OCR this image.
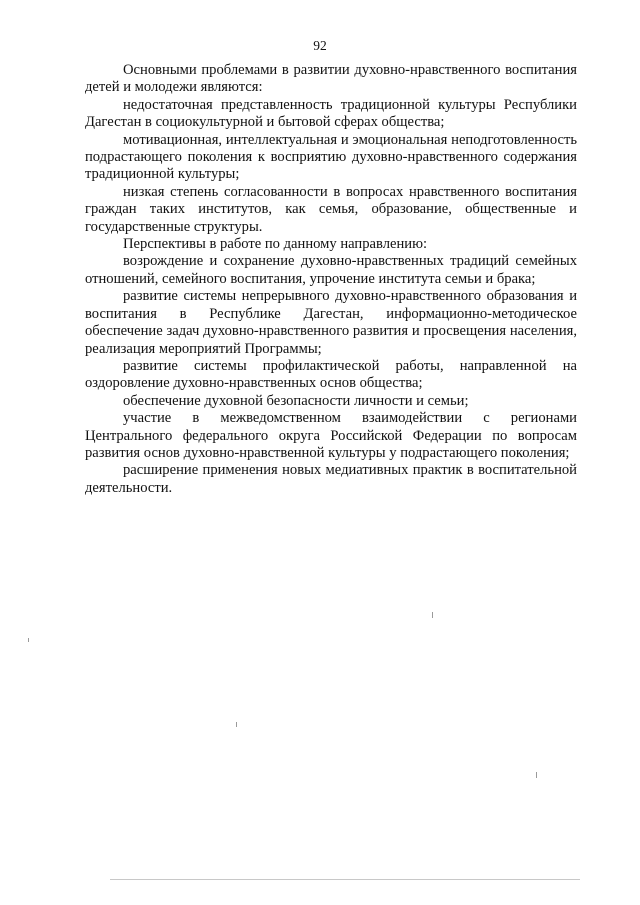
92

Основными проблемами в развитии духовно-нравственного воспитания детей и молодежи являются:

недостаточная представленность традиционной культуры Республики Дагестан в социокультурной и бытовой сферах общества;

мотивационная, интеллектуальная и эмоциональная неподготовленность подрастающего поколения к восприятию духовно-нравственного содержания традиционной культуры;

низкая степень согласованности в вопросах нравственного воспитания граждан таких институтов, как семья, образование, общественные и государственные структуры.

Перспективы в работе по данному направлению:

возрождение и сохранение духовно-нравственных традиций семейных отношений, семейного воспитания, упрочение института семьи и брака;

развитие системы непрерывного духовно-нравственного образования и воспитания в Республике Дагестан, информационно-методическое обеспечение задач духовно-нравственного развития и просвещения населения, реализация мероприятий Программы;

развитие системы профилактической работы, направленной на оздоровление духовно-нравственных основ общества;

обеспечение духовной безопасности личности и семьи;

участие в межведомственном взаимодействии с регионами Центрального федерального округа Российской Федерации по вопросам развития основ духовно-нравственной культуры у подрастающего поколения;

расширение применения новых медиативных практик в воспитательной деятельности.
